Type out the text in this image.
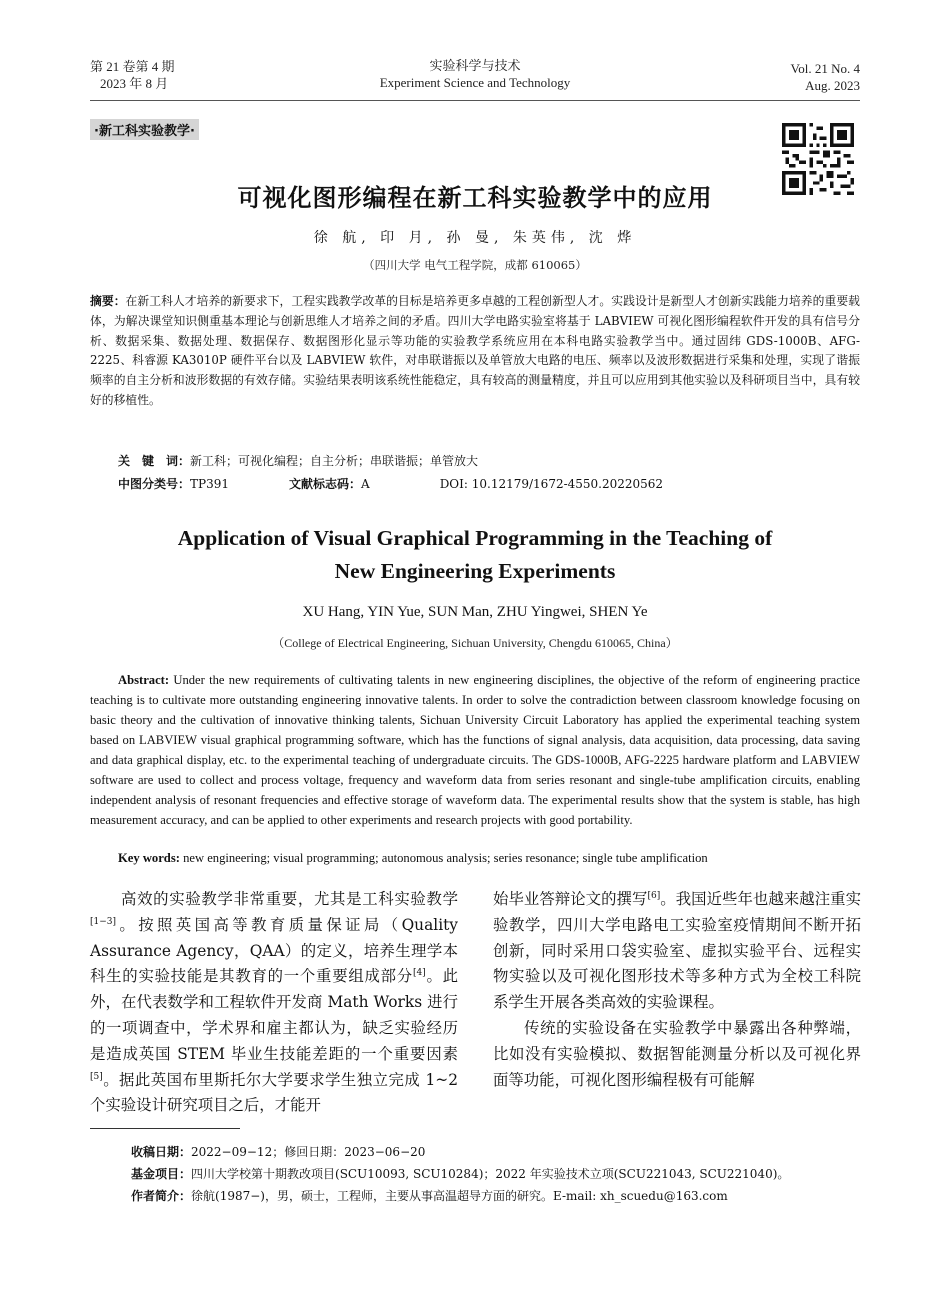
第 21 卷第 4 期
2023 年 8 月
实验科学与技术
Experiment Science and Technology
Vol. 21 No. 4
Aug. 2023
·新工科实验教学·
可视化图形编程在新工科实验教学中的应用
徐 航, 印 月, 孙 曼, 朱英伟, 沈 烨
（四川大学 电气工程学院，成都 610065）
摘要：在新工科人才培养的新要求下，工程实践教学改革的目标是培养更多卓越的工程创新型人才。实践设计是新型人才创新实践能力培养的重要载体，为解决课堂知识侧重基本理论与创新思维人才培养之间的矛盾。四川大学电路实验室将基于 LABVIEW 可视化图形编程软件开发的具有信号分析、数据采集、数据处理、数据保存、数据图形化显示等功能的实验教学系统应用在本科电路实验教学当中。通过固纬 GDS-1000B、AFG-2225、科睿源 KA3010P 硬件平台以及 LABVIEW 软件，对串联谐振以及单管放大电路的电压、频率以及波形数据进行采集和处理，实现了谐振频率的自主分析和波形数据的有效存储。实验结果表明该系统性能稳定，具有较高的测量精度，并且可以应用到其他实验以及科研项目当中，具有较好的移植性。
关　键　词：新工科；可视化编程；自主分析；串联谐振；单管放大
中图分类号：TP391	文献标志码：A	DOI: 10.12179/1672-4550.20220562
Application of Visual Graphical Programming in the Teaching of
New Engineering Experiments
XU Hang, YIN Yue, SUN Man, ZHU Yingwei, SHEN Ye
（College of Electrical Engineering, Sichuan University, Chengdu 610065, China）
Abstract: Under the new requirements of cultivating talents in new engineering disciplines, the objective of the reform of engineering practice teaching is to cultivate more outstanding engineering innovative talents. In order to solve the contradiction between classroom knowledge focusing on basic theory and the cultivation of innovative thinking talents, Sichuan University Circuit Laboratory has applied the experimental teaching system based on LABVIEW visual graphical programming software, which has the functions of signal analysis, data acquisition, data processing, data saving and data graphical display, etc. to the experimental teaching of undergraduate circuits. The GDS-1000B, AFG-2225 hardware platform and LABVIEW software are used to collect and process voltage, frequency and waveform data from series resonant and single-tube amplification circuits, enabling independent analysis of resonant frequencies and effective storage of waveform data. The experimental results show that the system is stable, has high measurement accuracy, and can be applied to other experiments and research projects with good portability.
Key words: new engineering; visual programming; autonomous analysis; series resonance; single tube amplification

高效的实验教学非常重要，尤其是工科实验教学[1−3]。按照英国高等教育质量保证局（Quality Assurance Agency，QAA）的定义，培养生理学本科生的实验技能是其教育的一个重要组成部分[4]。此外，在代表数学和工程软件开发商 Math Works 进行的一项调查中，学术界和雇主都认为，缺乏实验经历是造成英国 STEM 毕业生技能差距的一个重要因素[5]。据此英国布里斯托尔大学要求学生独立完成 1~2 个实验设计研究项目之后，才能开

始毕业答辩论文的撰写[6]。我国近些年也越来越注重实验教学，四川大学电路电工实验室疫情期间不断开拓创新，同时采用口袋实验室、虚拟实验平台、远程实物实验以及可视化图形技术等多种方式为全校工科院系学生开展各类高效的实验课程。

传统的实验设备在实验教学中暴露出各种弊端，比如没有实验模拟、数据智能测量分析以及可视化界面等功能，可视化图形编程极有可能解

收稿日期：2022−09−12；修回日期：2023−06−20
基金项目：四川大学校第十期教改项目(SCU10093, SCU10284)；2022 年实验技术立项(SCU221043, SCU221040)。
作者简介：徐航(1987−)，男，硕士，工程师，主要从事高温超导方面的研究。E-mail: xh_scuedu@163.com
